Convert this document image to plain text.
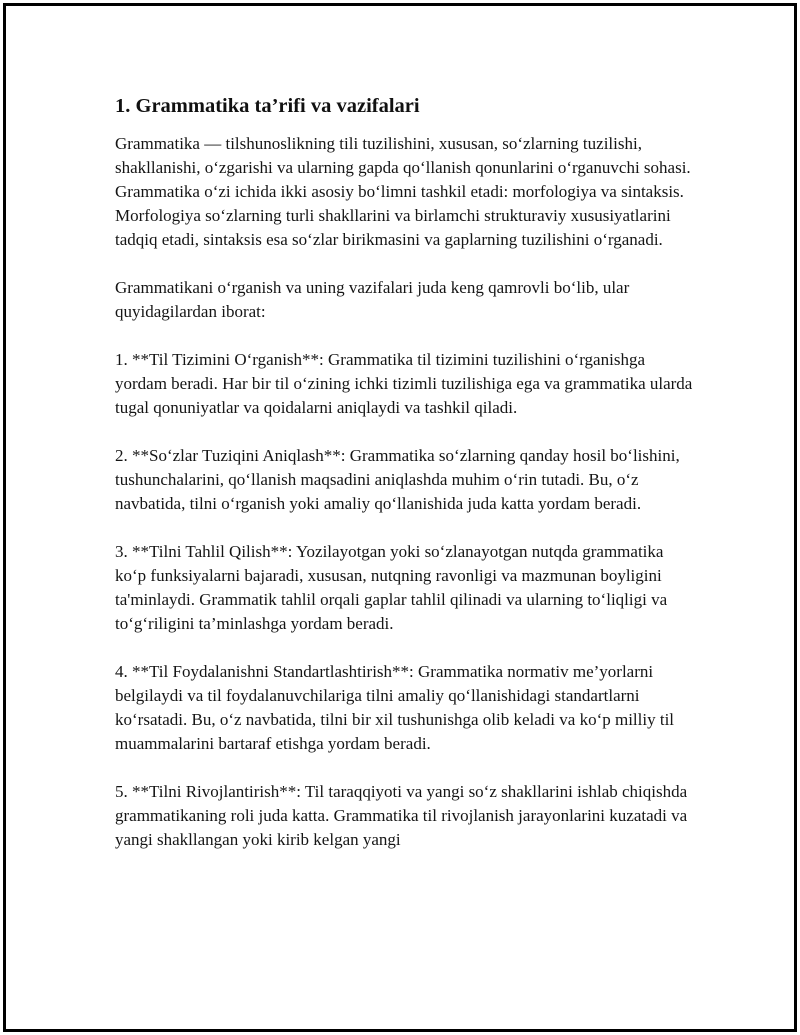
1. Grammatika ta’rifi va vazifalari

Grammatika — tilshunoslikning tili tuzilishini, xususan, so‘zlarning tuzilishi, shakllanishi, o‘zgarishi va ularning gapda qo‘llanish qonunlarini o‘rganuvchi sohasi. Grammatika o‘zi ichida ikki asosiy bo‘limni tashkil etadi: morfologiya va sintaksis. Morfologiya so‘zlarning turli shakllarini va birlamchi strukturaviy xususiyatlarini tadqiq etadi, sintaksis esa so‘zlar birikmasini va gaplarning tuzilishini o‘rganadi.

Grammatikani o‘rganish va uning vazifalari juda keng qamrovli bo‘lib, ular quyidagilardan iborat:

1. **Til Tizimini O‘rganish**: Grammatika til tizimini tuzilishini o‘rganishga yordam beradi. Har bir til o‘zining ichki tizimli tuzilishiga ega va grammatika ularda tugal qonuniyatlar va qoidalarni aniqlaydi va tashkil qiladi.

2. **So‘zlar Tuziqini Aniqlash**: Grammatika so‘zlarning qanday hosil bo‘lishini, tushunchalarini, qo‘llanish maqsadini aniqlashda muhim o‘rin tutadi. Bu, o‘z navbatida, tilni o‘rganish yoki amaliy qo‘llanishida juda katta yordam beradi.

3. **Tilni Tahlil Qilish**: Yozilayotgan yoki so‘zlanayotgan nutqda grammatika ko‘p funksiyalarni bajaradi, xususan, nutqning ravonligi va mazmunan boyligini ta'minlaydi. Grammatik tahlil orqali gaplar tahlil qilinadi va ularning to‘liqligi va to‘g‘riligini ta’minlashga yordam beradi.

4. **Til Foydalanishni Standartlashtirish**: Grammatika normativ me’yorlarni belgilaydi va til foydalanuvchilariga tilni amaliy qo‘llanishidagi standartlarni ko‘rsatadi. Bu, o‘z navbatida, tilni bir xil tushunishga olib keladi va ko‘p milliy til muammalarini bartaraf etishga yordam beradi.

5. **Tilni Rivojlantirish**: Til taraqqiyoti va yangi so‘z shakllarini ishlab chiqishda grammatikaning roli juda katta. Grammatika til rivojlanish jarayonlarini kuzatadi va yangi shakllangan yoki kirib kelgan yangi
